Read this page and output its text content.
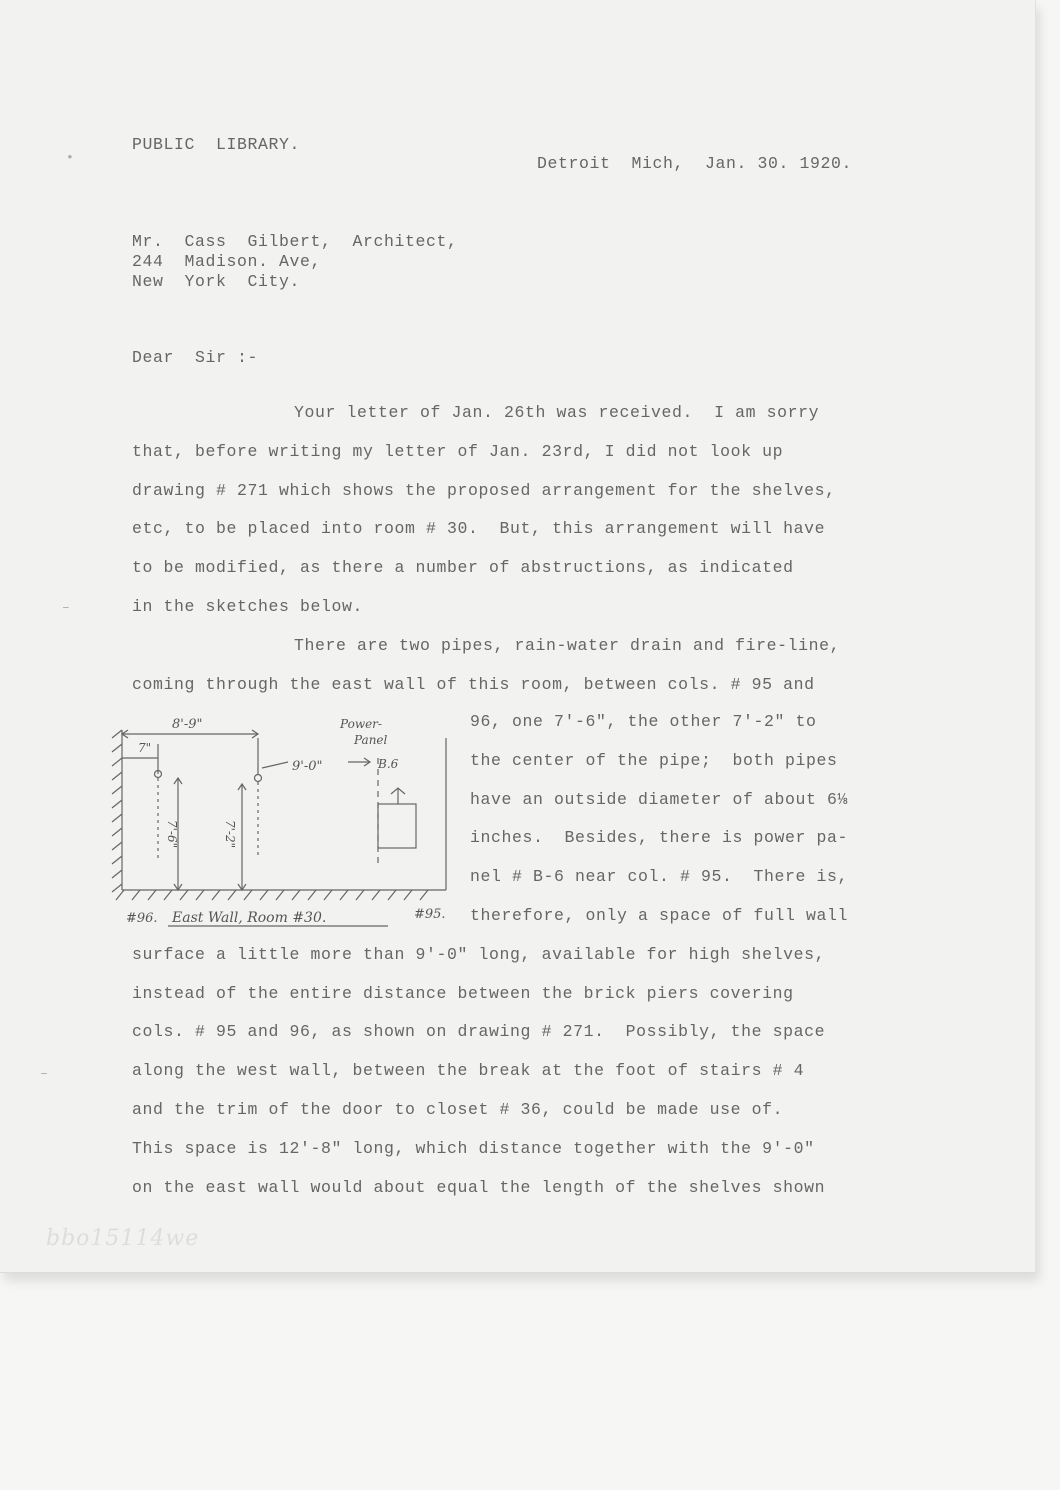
PUBLIC  LIBRARY.
Detroit  Mich,  Jan. 30. 1920.
Mr.  Cass  Gilbert,  Architect,
244  Madison. Ave,
New  York  City.
Dear  Sir :-
Your letter of Jan. 26th was received.  I am sorry
that, before writing my letter of Jan. 23rd, I did not look up
drawing # 271 which shows the proposed arrangement for the shelves,
etc, to be placed into room # 30.  But, this arrangement will have
to be modified, as there a number of abstructions, as indicated
in the sketches below.
There are two pipes, rain-water drain and fire-line,
coming through the east wall of this room, between cols. # 95 and
96, one 7'-6", the other 7'-2" to
the center of the pipe;  both pipes
have an outside diameter of about 6⅛
inches.  Besides, there is power pa-
nel # B-6 near col. # 95.  There is,
therefore, only a space of full wall
surface a little more than 9'-0" long, available for high shelves,
instead of the entire distance between the brick piers covering
cols. # 95 and 96, as shown on drawing # 271.  Possibly, the space
along the west wall, between the break at the foot of stairs # 4
and the trim of the door to closet # 36, could be made use of.
This space is 12'-8" long, which distance together with the 9'-0"
on the east wall would about equal the length of the shelves shown
8'-9"
7"
9'-0"
Power-
Panel
B.6
7'-6"	7'-2"
#96. East Wall, Room #30.	#95.
bbo15114we
•
–
–
